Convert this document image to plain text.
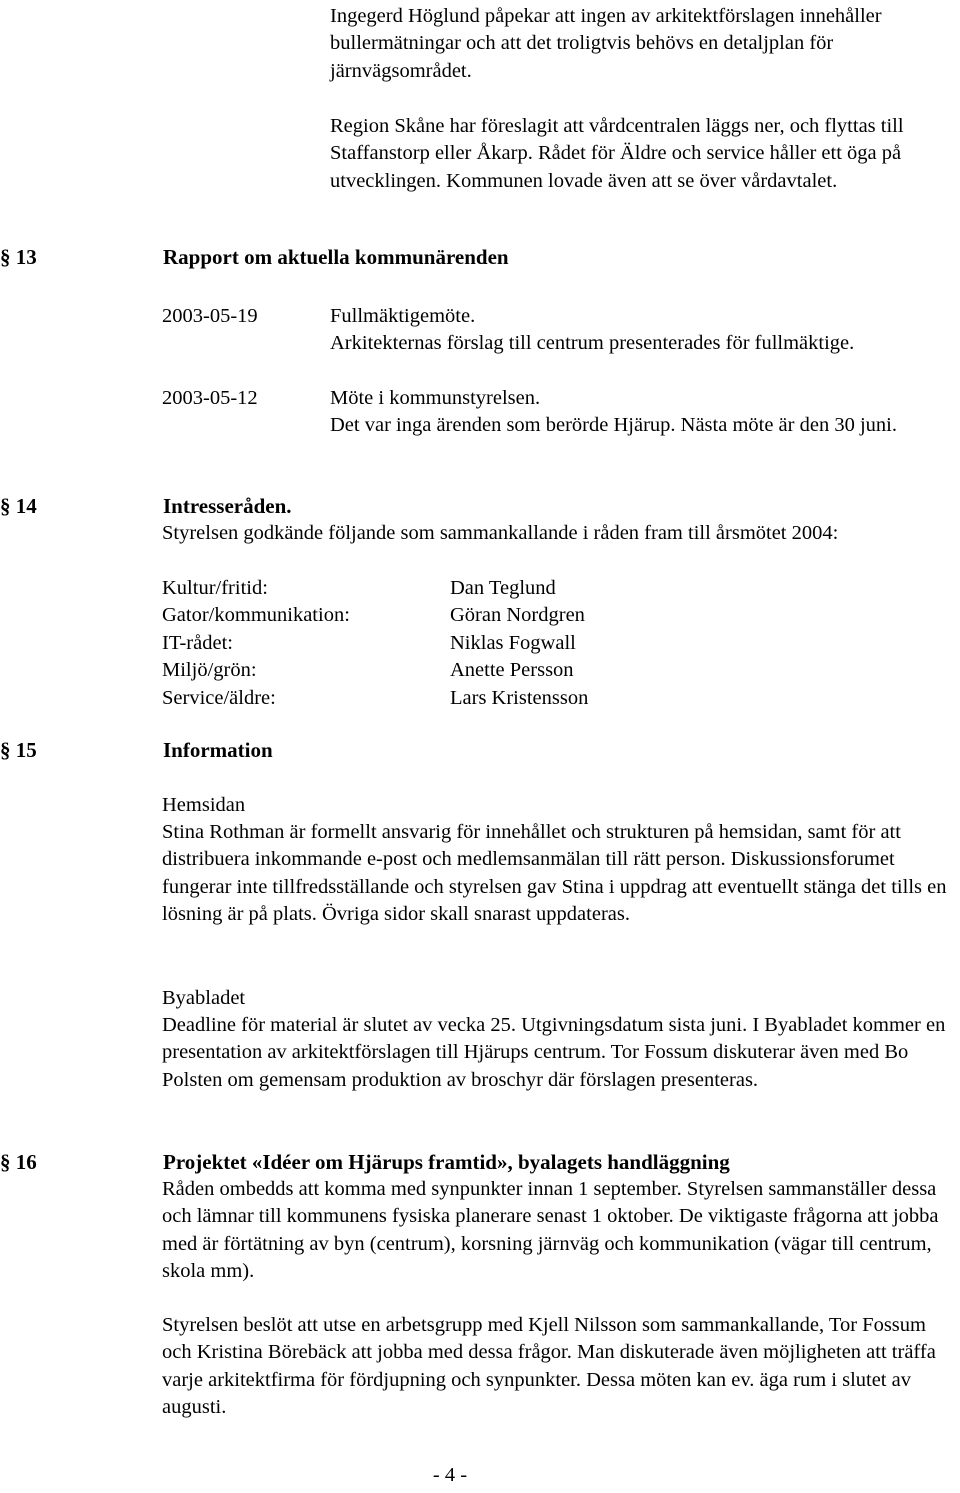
Ingegerd Höglund påpekar att ingen av arkitektförslagen innehåller bullermätningar och att det troligtvis behövs en detaljplan för järnvägsområdet.

Region Skåne har föreslagit att vårdcentralen läggs ner, och flyttas till Staffanstorp eller Åkarp. Rådet för Äldre och service håller ett öga på utvecklingen. Kommunen lovade även att se över vårdavtalet.

§ 13	Rapport om aktuella kommunärenden
2003-05-19	Fullmäktigemöte.

Arkitekternas förslag till centrum presenterades för fullmäktige.

2003-05-12	Möte i kommunstyrelsen.

Det var inga ärenden som berörde Hjärup. Nästa möte är den 30 juni.

§ 14	Intresseråden.

Styrelsen godkände följande som sammankallande i råden fram till årsmötet 2004:

Kultur/fritid:	Dan Teglund
Gator/kommunikation:	Göran Nordgren
IT-rådet:	Niklas Fogwall
Miljö/grön:	Anette Persson
Service/äldre:	Lars Kristensson
§ 15	Information

Hemsidan

Stina Rothman är formellt ansvarig för innehållet och strukturen på hemsidan, samt för att distribuera inkommande e-post och medlemsanmälan till rätt person. Diskussionsforumet fungerar inte tillfredsställande och styrelsen gav Stina i uppdrag att eventuellt stänga det tills en lösning är på plats. Övriga sidor skall snarast uppdateras.

Byabladet

Deadline för material är slutet av vecka 25. Utgivningsdatum sista juni. I Byabladet kommer en presentation av arkitektförslagen till Hjärups centrum. Tor Fossum diskuterar även med Bo Polsten om gemensam produktion av broschyr där förslagen presenteras.

§ 16	Projektet «Idéer om Hjärups framtid», byalagets handläggning

Råden ombedds att komma med synpunkter innan 1 september. Styrelsen sammanställer dessa och lämnar till kommunens fysiska planerare senast 1 oktober. De viktigaste frågorna att jobba med är förtätning av byn (centrum), korsning järnväg och kommunikation (vägar till centrum, skola mm).

Styrelsen beslöt att utse en arbetsgrupp med Kjell Nilsson som sammankallande, Tor Fossum och Kristina Börebäck att jobba med dessa frågor. Man diskuterade även möjligheten att träffa varje arkitektfirma för fördjupning och synpunkter. Dessa möten kan ev. äga rum i slutet av augusti.

- 4 -
